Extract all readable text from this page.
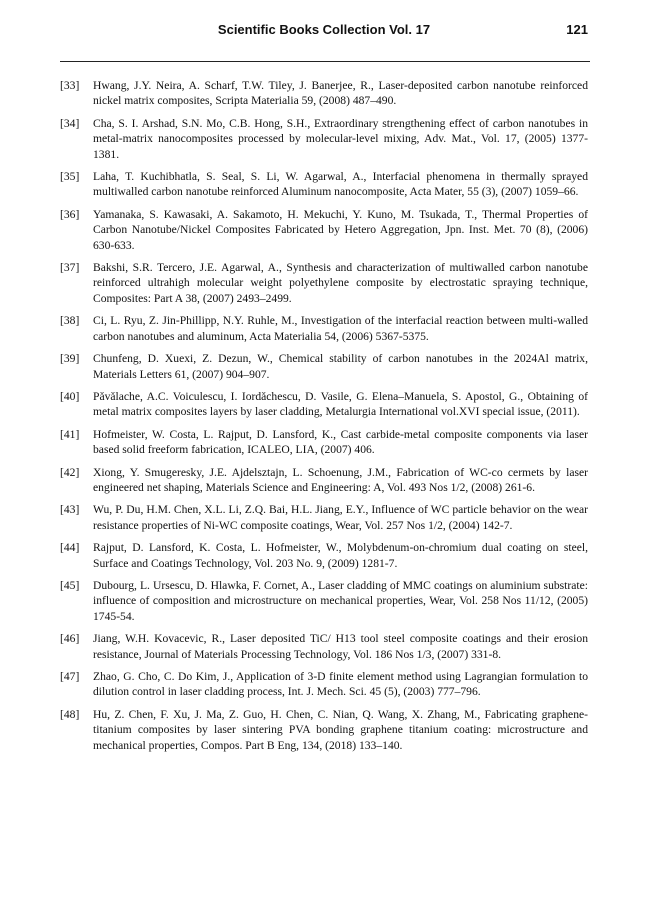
Scientific Books Collection Vol. 17	121
[33] Hwang, J.Y. Neira, A. Scharf, T.W. Tiley, J. Banerjee, R., Laser-deposited carbon nanotube reinforced nickel matrix composites, Scripta Materialia 59, (2008) 487–490.
[34] Cha, S. I. Arshad, S.N. Mo, C.B. Hong, S.H., Extraordinary strengthening effect of carbon nanotubes in metal-matrix nanocomposites processed by molecular-level mixing, Adv. Mat., Vol. 17, (2005) 1377-1381.
[35] Laha, T. Kuchibhatla, S. Seal, S. Li, W. Agarwal, A., Interfacial phenomena in thermally sprayed multiwalled carbon nanotube reinforced Aluminum nanocomposite, Acta Mater, 55 (3), (2007) 1059–66.
[36] Yamanaka, S. Kawasaki, A. Sakamoto, H. Mekuchi, Y. Kuno, M. Tsukada, T., Thermal Properties of Carbon Nanotube/Nickel Composites Fabricated by Hetero Aggregation, Jpn. Inst. Met. 70 (8), (2006) 630-633.
[37] Bakshi, S.R. Tercero, J.E. Agarwal, A., Synthesis and characterization of multiwalled carbon nanotube reinforced ultrahigh molecular weight polyethylene composite by electrostatic spraying technique, Composites: Part A 38, (2007) 2493–2499.
[38] Ci, L. Ryu, Z. Jin-Phillipp, N.Y. Ruhle, M., Investigation of the interfacial reaction between multi-walled carbon nanotubes and aluminum, Acta Materialia 54, (2006) 5367-5375.
[39] Chunfeng, D. Xuexi, Z. Dezun, W., Chemical stability of carbon nanotubes in the 2024Al matrix, Materials Letters 61, (2007) 904–907.
[40] Pǎvǎlache, A.C. Voiculescu, I. Iordǎchescu, D. Vasile, G. Elena–Manuela, S. Apostol, G., Obtaining of metal matrix composites layers by laser cladding, Metalurgia International vol.XVI special issue, (2011).
[41] Hofmeister, W. Costa, L. Rajput, D. Lansford, K., Cast carbide-metal composite components via laser based solid freeform fabrication, ICALEO, LIA, (2007) 406.
[42] Xiong, Y. Smugeresky, J.E. Ajdelsztajn, L. Schoenung, J.M., Fabrication of WC-co cermets by laser engineered net shaping, Materials Science and Engineering: A, Vol. 493 Nos 1/2, (2008) 261-6.
[43] Wu, P. Du, H.M. Chen, X.L. Li, Z.Q. Bai, H.L. Jiang, E.Y., Influence of WC particle behavior on the wear resistance properties of Ni-WC composite coatings, Wear, Vol. 257 Nos 1/2, (2004) 142-7.
[44] Rajput, D. Lansford, K. Costa, L. Hofmeister, W., Molybdenum-on-chromium dual coating on steel, Surface and Coatings Technology, Vol. 203 No. 9, (2009) 1281-7.
[45] Dubourg, L. Ursescu, D. Hlawka, F. Cornet, A., Laser cladding of MMC coatings on aluminium substrate: influence of composition and microstructure on mechanical properties, Wear, Vol. 258 Nos 11/12, (2005) 1745-54.
[46] Jiang, W.H. Kovacevic, R., Laser deposited TiC/ H13 tool steel composite coatings and their erosion resistance, Journal of Materials Processing Technology, Vol. 186 Nos 1/3, (2007) 331-8.
[47] Zhao, G. Cho, C. Do Kim, J., Application of 3-D finite element method using Lagrangian formulation to dilution control in laser cladding process, Int. J. Mech. Sci. 45 (5), (2003) 777–796.
[48] Hu, Z. Chen, F. Xu, J. Ma, Z. Guo, H. Chen, C. Nian, Q. Wang, X. Zhang, M., Fabricating graphene-titanium composites by laser sintering PVA bonding graphene titanium coating: microstructure and mechanical properties, Compos. Part B Eng, 134, (2018) 133–140.
